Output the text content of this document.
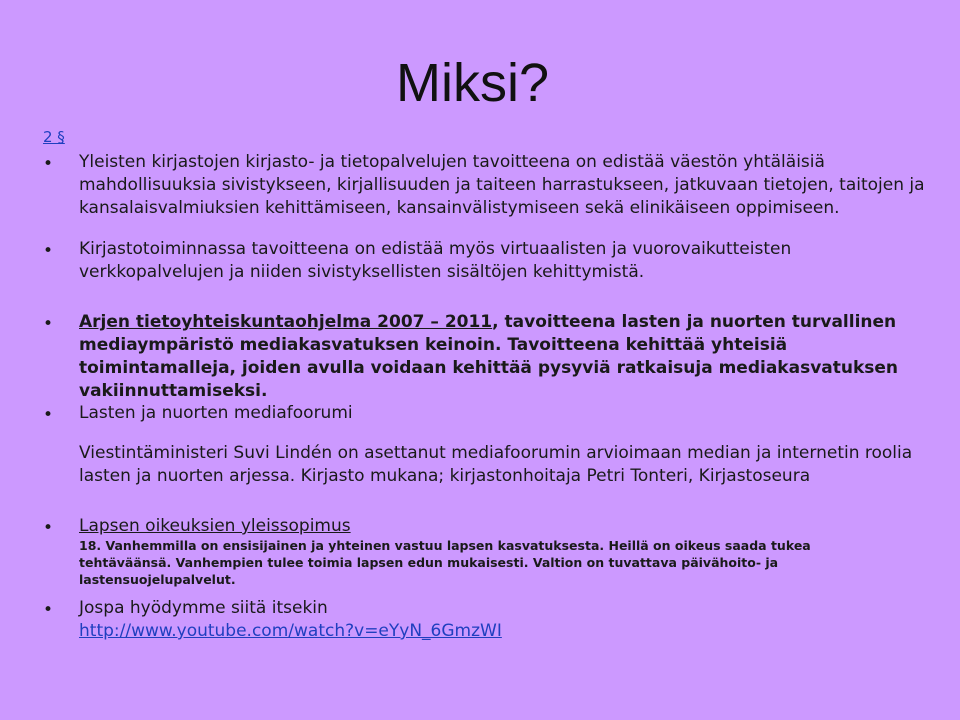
Miksi?
2 §
• Yleisten kirjastojen kirjasto- ja tietopalvelujen tavoitteena on edistää väestön yhtäläisiä mahdollisuuksia sivistykseen, kirjallisuuden ja taiteen harrastukseen, jatkuvaan tietojen, taitojen ja kansalaisvalmiuksien kehittämiseen, kansainvälistymiseen sekä elinikäiseen oppimiseen.
• Kirjastotoiminnassa tavoitteena on edistää myös virtuaalisten ja vuorovaikutteisten verkkopalvelujen ja niiden sivistyksellisten sisältöjen kehittymistä.
• Arjen tietoyhteiskuntaohjelma 2007 – 2011, tavoitteena lasten ja nuorten turvallinen mediaympäristö mediakasvatuksen keinoin. Tavoitteena kehittää yhteisiä toimintamalleja, joiden avulla voidaan kehittää pysyviä ratkaisuja mediakasvatuksen vakiinnuttamiseksi.
• Lasten ja nuorten mediafoorumi
Viestintäministeri Suvi Lindén on asettanut mediafoorumin arvioimaan median ja internetin roolia lasten ja nuorten arjessa. Kirjasto mukana; kirjastonhoitaja Petri Tonteri, Kirjastoseura
• Lapsen oikeuksien yleissopimus
18. Vanhemmilla on ensisijainen ja yhteinen vastuu lapsen kasvatuksesta. Heillä on oikeus saada tukea tehtäväänsä. Vanhempien tulee toimia lapsen edun mukaisesti. Valtion on tuvattava päivähoito- ja lastensuojelupalvelut.
• Jospa hyödymme siitä itsekin
http://www.youtube.com/watch?v=eYyN_6GmzWI
